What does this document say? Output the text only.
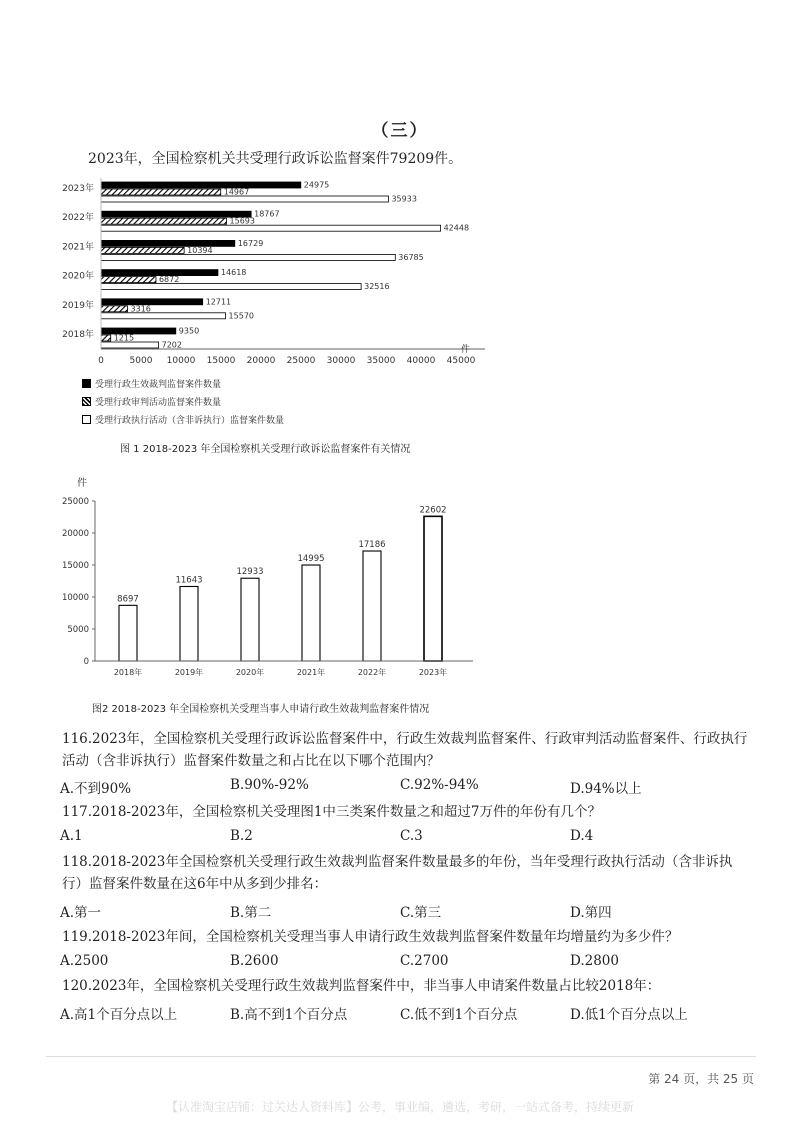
（三）
2023年，全国检察机关共受理行政诉讼监督案件79209件。
9350
1215
7202
12711
3316
15570
14618
6872
32516
16729
10394
36785
18767
15693
42448
24975
14967
35933
2018年
2019年
2020年
2021年
2022年
2023年
0	5000 10000 15000 20000 25000 30000 35000 40000 45000
件
受理行政生效裁判监督案件数量
受理行政审判活动监督案件数量
受理行政执行活动（含非诉执行）监督案件数量
图 1 2018-2023 年全国检察机关受理行政诉讼监督案件有关情况
8697
11643
12933
14995
17186
22602
0
5000
10000
15000
20000
25000
件
2018年	2019年	2020年	2021年	2022年	2023年
图2 2018-2023 年全国检察机关受理当事人申请行政生效裁判监督案件情况
116.2023年，全国检察机关受理行政诉讼监督案件中，行政生效裁判监督案件、行政审判活动监督案件、行政执行活动（含非诉执行）监督案件数量之和占比在以下哪个范围内？
A.不到90%	B.90%-92%	C.92%-94%	D.94%以上
117.2018-2023年，全国检察机关受理图1中三类案件数量之和超过7万件的年份有几个？
A.1	B.2	C.3	D.4
118.2018-2023年全国检察机关受理行政生效裁判监督案件数量最多的年份，当年受理行政执行活动（含非诉执行）监督案件数量在这6年中从多到少排名：
A.第一	B.第二	C.第三	D.第四
119.2018-2023年间，全国检察机关受理当事人申请行政生效裁判监督案件数量年均增量约为多少件？
A.2500	B.2600	C.2700	D.2800
120.2023年，全国检察机关受理行政生效裁判监督案件中，非当事人申请案件数量占比较2018年：
A.高1个百分点以上	B.高不到1个百分点	C.低不到1个百分点	D.低1个百分点以上
第 24 页，共 25 页
【认准淘宝店铺：过关达人资料库】公考，事业编，遴选，考研，一站式备考，持续更新
